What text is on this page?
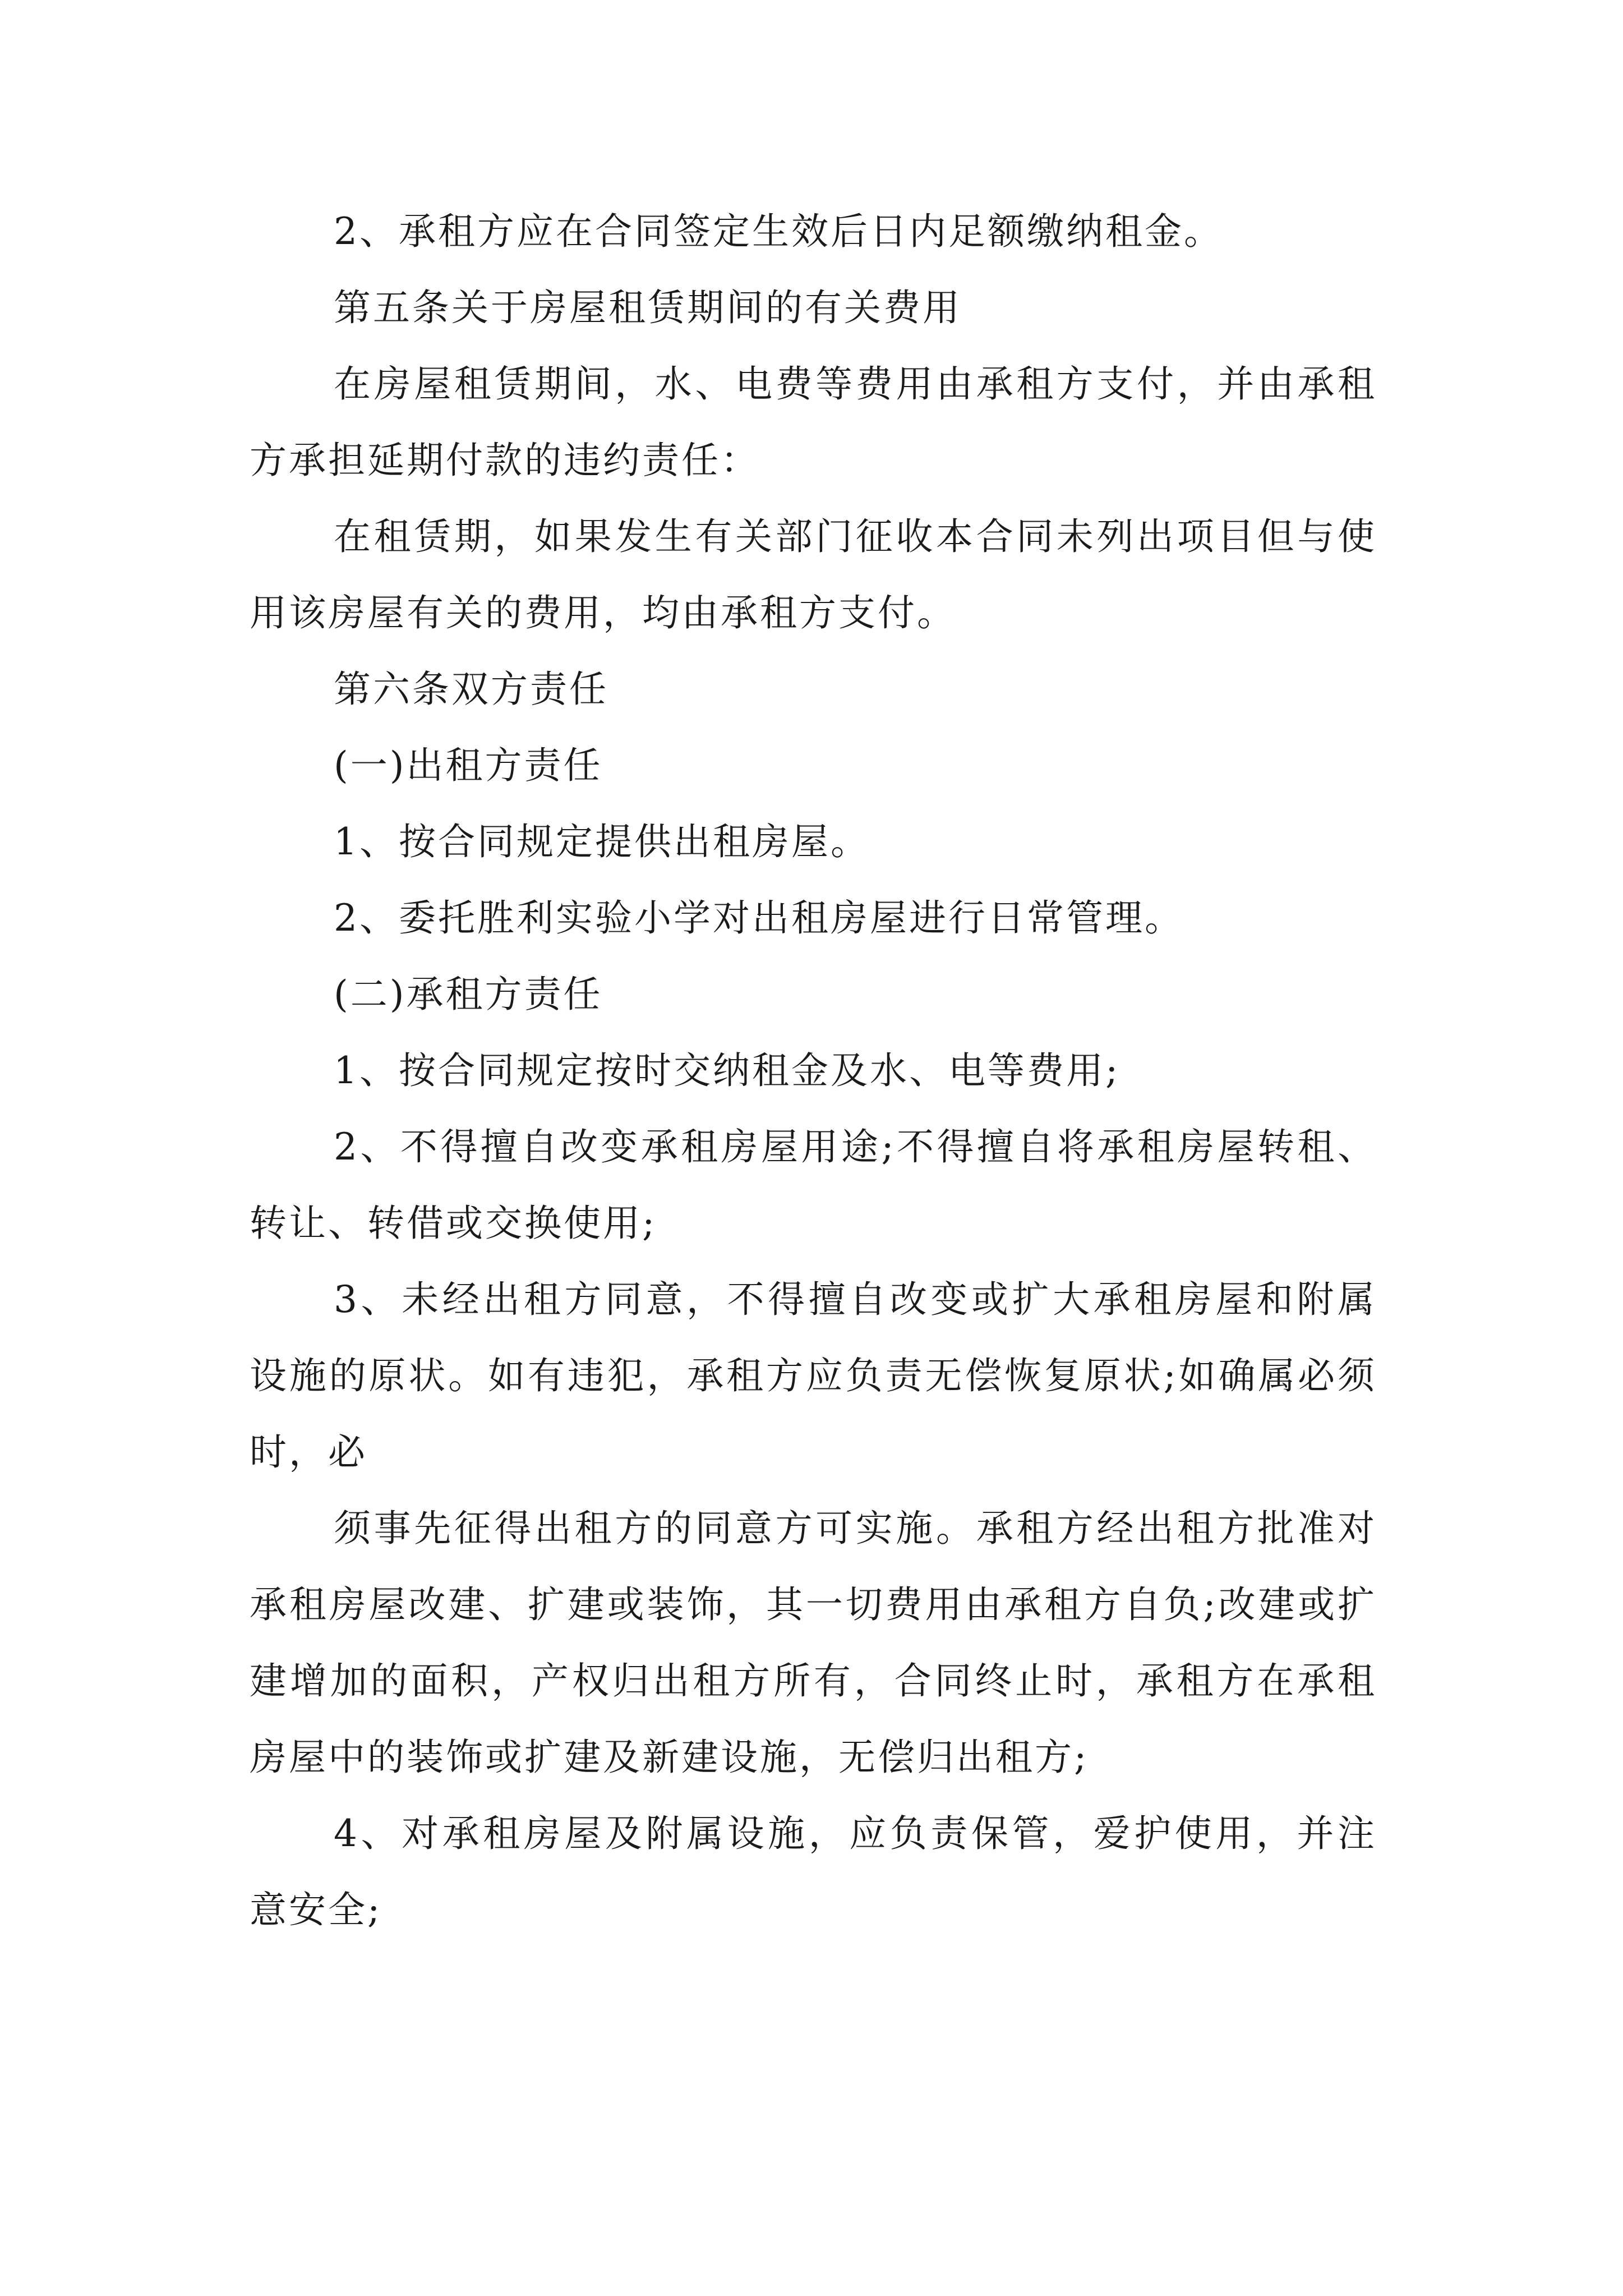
2、承租方应在合同签定生效后日内足额缴纳租金。

第五条关于房屋租赁期间的有关费用

在房屋租赁期间，水、电费等费用由承租方支付，并由承租方承担延期付款的违约责任：

在租赁期，如果发生有关部门征收本合同未列出项目但与使用该房屋有关的费用，均由承租方支付。

第六条双方责任

(一)出租方责任

1、按合同规定提供出租房屋。

2、委托胜利实验小学对出租房屋进行日常管理。

(二)承租方责任

1、按合同规定按时交纳租金及水、电等费用;

2、不得擅自改变承租房屋用途;不得擅自将承租房屋转租、转让、转借或交换使用;

3、未经出租方同意，不得擅自改变或扩大承租房屋和附属设施的原状。如有违犯，承租方应负责无偿恢复原状;如确属必须时，必

须事先征得出租方的同意方可实施。承租方经出租方批准对承租房屋改建、扩建或装饰，其一切费用由承租方自负;改建或扩建增加的面积，产权归出租方所有，合同终止时，承租方在承租房屋中的装饰或扩建及新建设施，无偿归出租方;

4、对承租房屋及附属设施，应负责保管，爱护使用，并注意安全;
